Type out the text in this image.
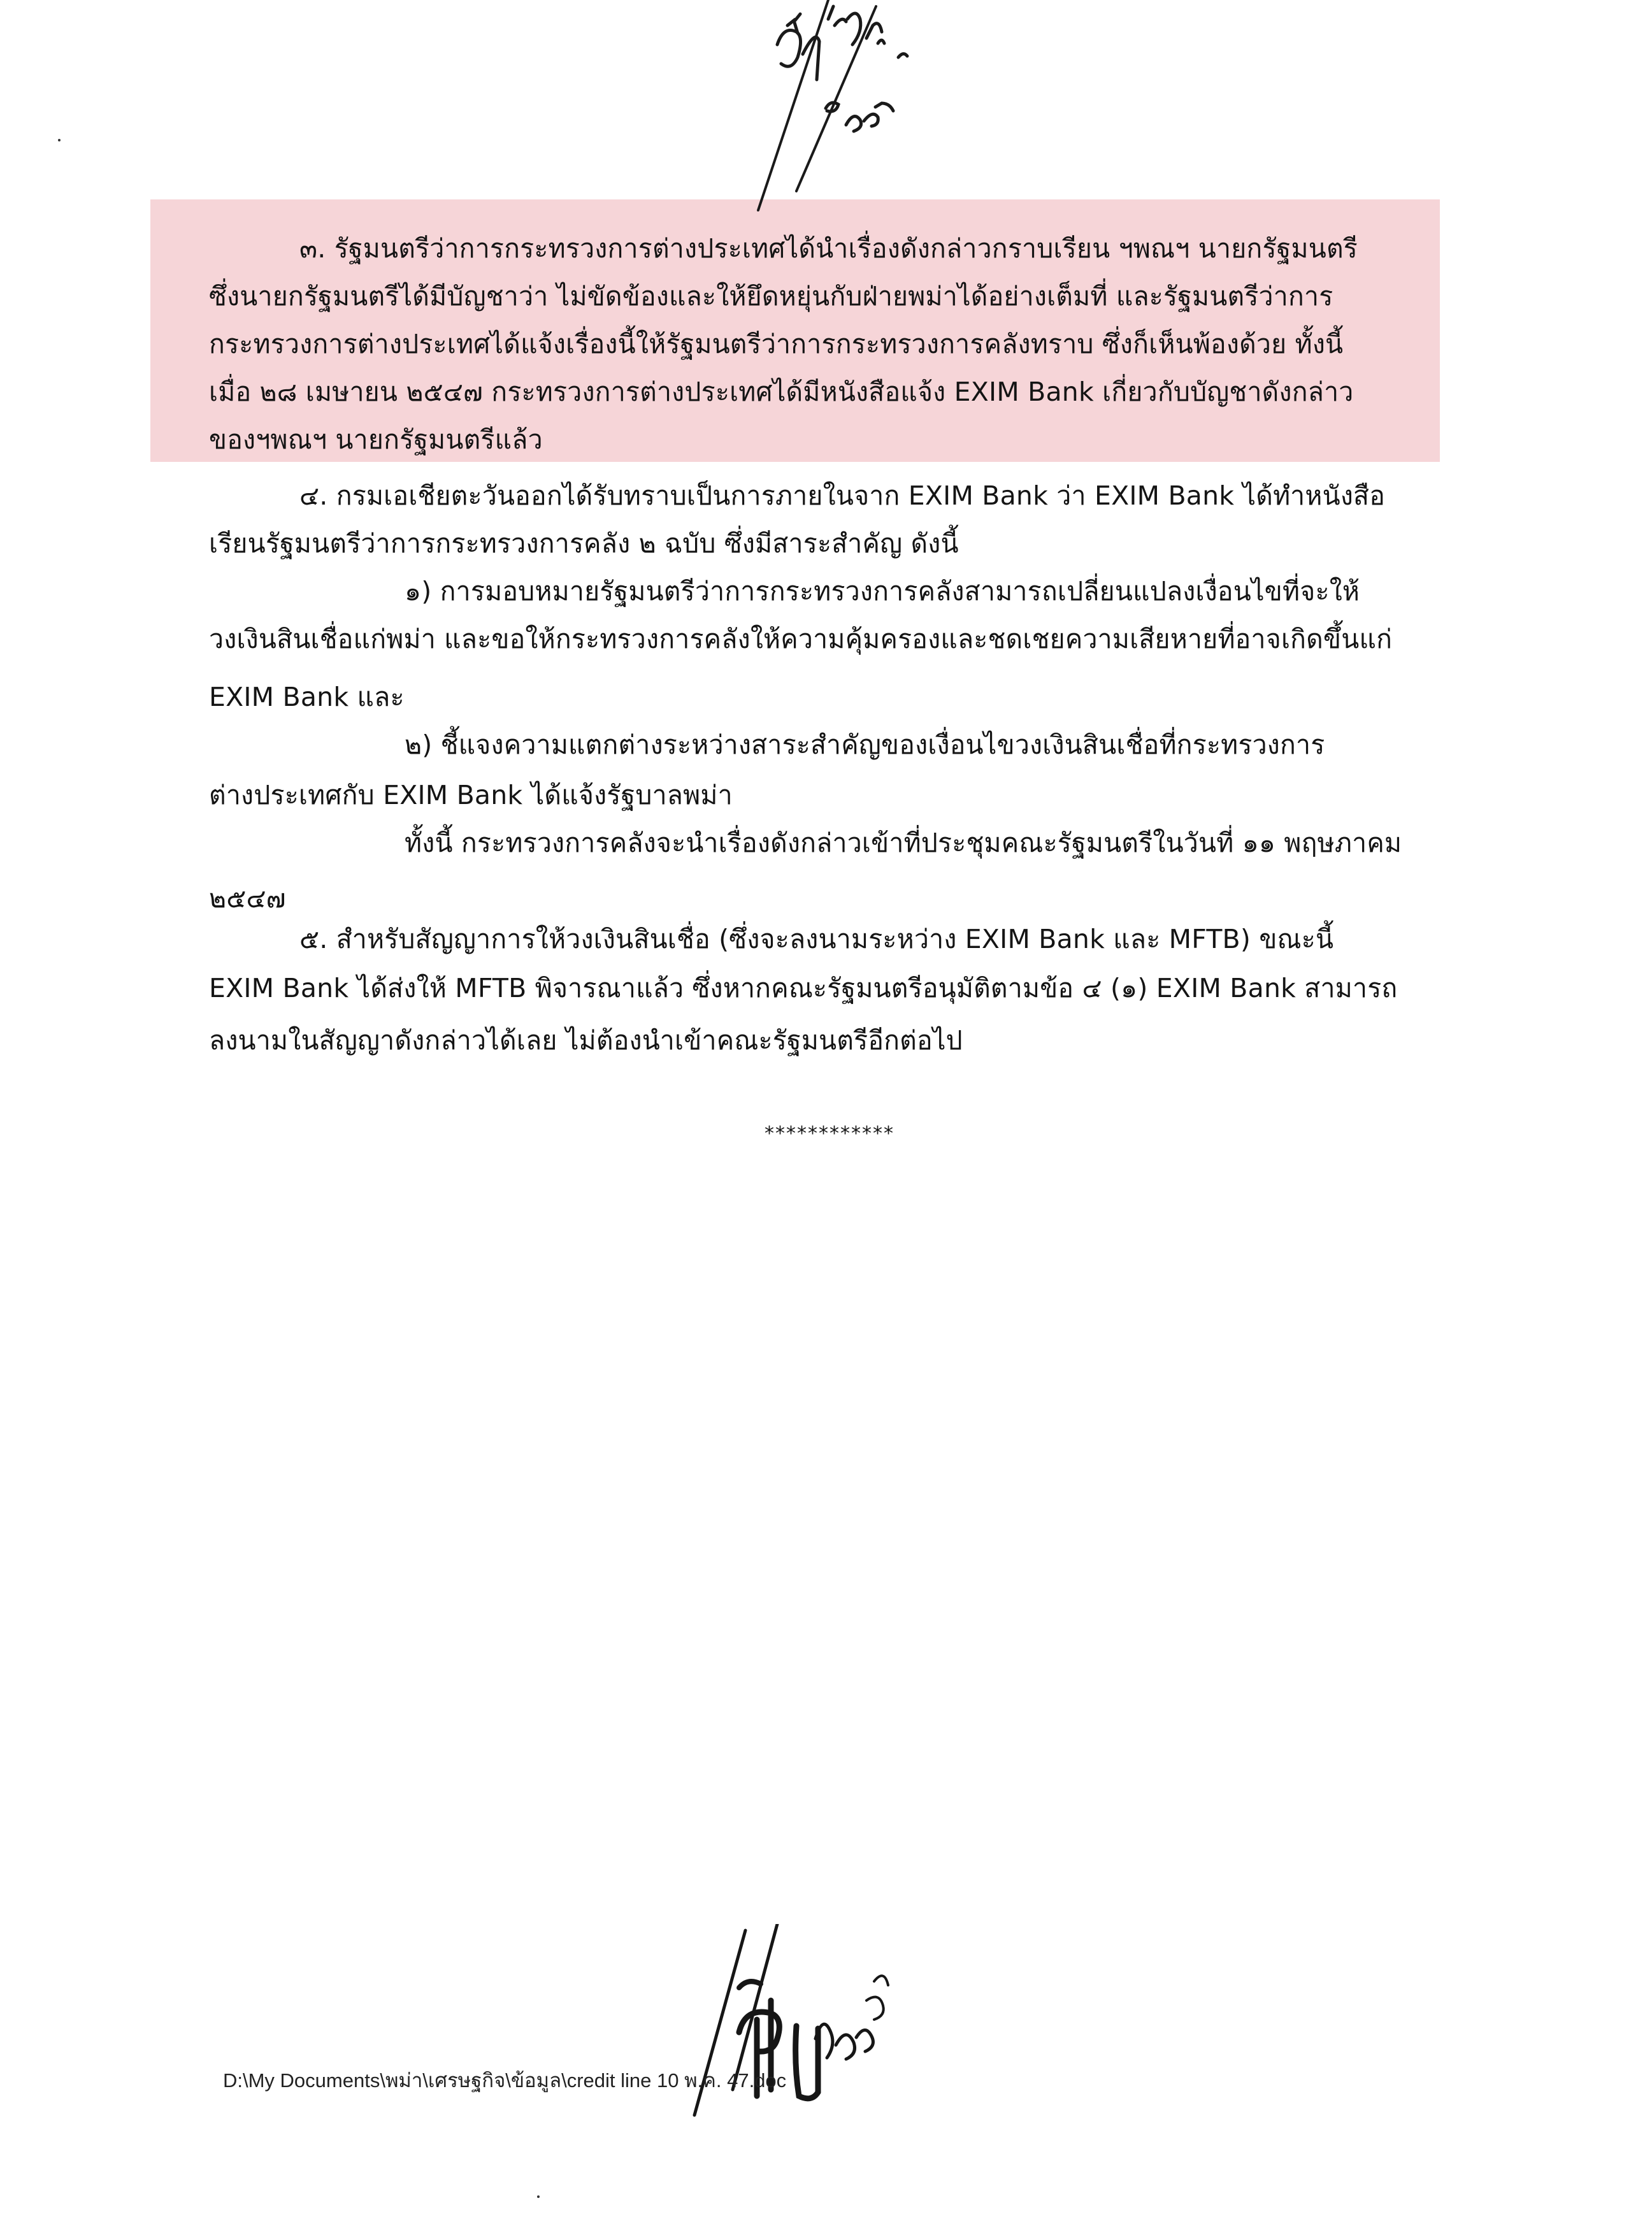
๓. รัฐมนตรีว่าการกระทรวงการต่างประเทศได้นำเรื่องดังกล่าวกราบเรียน ฯพณฯ นายกรัฐมนตรี
ซึ่งนายกรัฐมนตรีได้มีบัญชาว่า ไม่ขัดข้องและให้ยึดหยุ่นกับฝ่ายพม่าได้อย่างเต็มที่ และรัฐมนตรีว่าการ
กระทรวงการต่างประเทศได้แจ้งเรื่องนี้ให้รัฐมนตรีว่าการกระทรวงการคลังทราบ ซึ่งก็เห็นพ้องด้วย ทั้งนี้
เมื่อ ๒๘ เมษายน ๒๕๔๗ กระทรวงการต่างประเทศได้มีหนังสือแจ้ง EXIM Bank เกี่ยวกับบัญชาดังกล่าว
ของฯพณฯ นายกรัฐมนตรีแล้ว
๔. กรมเอเชียตะวันออกได้รับทราบเป็นการภายในจาก EXIM Bank ว่า EXIM Bank ได้ทำหนังสือ
เรียนรัฐมนตรีว่าการกระทรวงการคลัง ๒ ฉบับ ซึ่งมีสาระสำคัญ ดังนี้
๑) การมอบหมายรัฐมนตรีว่าการกระทรวงการคลังสามารถเปลี่ยนแปลงเงื่อนไขที่จะให้
วงเงินสินเชื่อแก่พม่า และขอให้กระทรวงการคลังให้ความคุ้มครองและชดเชยความเสียหายที่อาจเกิดขึ้นแก่
EXIM Bank และ
๒) ชี้แจงความแตกต่างระหว่างสาระสำคัญของเงื่อนไขวงเงินสินเชื่อที่กระทรวงการ
ต่างประเทศกับ EXIM Bank ได้แจ้งรัฐบาลพม่า
ทั้งนี้ กระทรวงการคลังจะนำเรื่องดังกล่าวเข้าที่ประชุมคณะรัฐมนตรีในวันที่ ๑๑ พฤษภาคม
๒๕๔๗
๕. สำหรับสัญญาการให้วงเงินสินเชื่อ (ซึ่งจะลงนามระหว่าง EXIM Bank และ MFTB) ขณะนี้
EXIM Bank ได้ส่งให้ MFTB พิจารณาแล้ว ซึ่งหากคณะรัฐมนตรีอนุมัติตามข้อ ๔ (๑) EXIM Bank สามารถ
ลงนามในสัญญาดังกล่าวได้เลย ไม่ต้องนำเข้าคณะรัฐมนตรีอีกต่อไป
************
D:\My Documents\พม่า\เศรษฐกิจ\ข้อมูล\credit line 10 พ.ค. 47.doc
